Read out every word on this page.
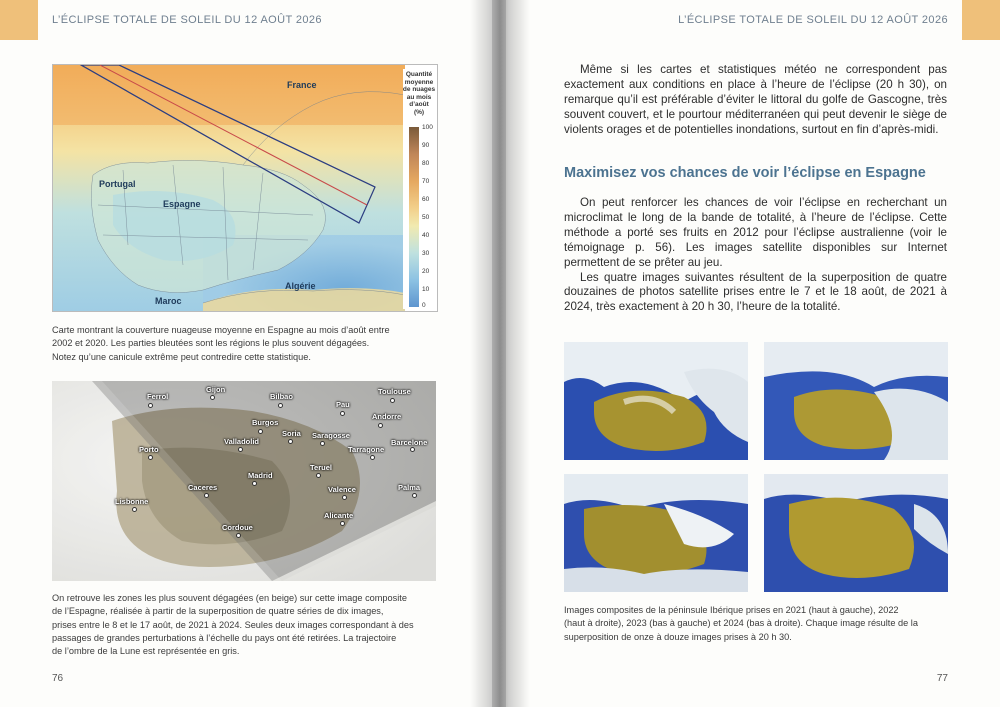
L’ÉCLIPSE TOTALE DE SOLEIL DU 12 AOÛT 2026
France
Portugal
Espagne
Algérie
Maroc
Quantité
moyenne
de nuages
au mois
d’août
(%)
100
90
80
70
60
50
40
30
20
10
0
Carte montrant la couverture nuageuse moyenne en Espagne au mois d’août entre
2002 et 2020. Les parties bleutées sont les régions le plus souvent dégagées.
Notez qu’une canicule extrême peut contredire cette statistique.
Gijon
Ferrol	Bilbao
Toulouse
Pau
Andorre
Burgos
Soria Saragosse
Valladolid	Barcelone
Tarragone
Porto
Teruel
Madrid
Caceres	Valence	Palma
Lisbonne
Alicante
Cordoue
On retrouve les zones les plus souvent dégagées (en beige) sur cette image composite
de l’Espagne, réalisée à partir de la superposition de quatre séries de dix images,
prises entre le 8 et le 17 août, de 2021 à 2024. Seules deux images correspondant à des
passages de grandes perturbations à l’échelle du pays ont été retirées. La trajectoire
de l’ombre de la Lune est représentée en gris.
76
L’ÉCLIPSE TOTALE DE SOLEIL DU 12 AOÛT 2026

Même si les cartes et statistiques météo ne correspondent pas exactement aux conditions en place à l’heure de l’éclipse (20 h 30), on remarque qu’il est préférable d’éviter le littoral du golfe de Gascogne, très souvent couvert, et le pourtour méditerranéen qui peut devenir le siège de violents orages et de potentielles inondations, surtout en fin d’après-midi.

Maximisez vos chances de voir l’éclipse en Espagne

On peut renforcer les chances de voir l’éclipse en recherchant un microclimat le long de la bande de totalité, à l’heure de l’éclipse. Cette méthode a porté ses fruits en 2012 pour l’éclipse australienne (voir le témoignage p. 56). Les images satellite disponibles sur Internet permettent de se prêter au jeu.

Les quatre images suivantes résultent de la superposition de quatre douzaines de photos satellite prises entre le 7 et le 18 août, de 2021 à 2024, très exactement à 20 h 30, l’heure de la totalité.

Images composites de la péninsule Ibérique prises en 2021 (haut à gauche), 2022
(haut à droite), 2023 (bas à gauche) et 2024 (bas à droite). Chaque image résulte de la
superposition de onze à douze images prises à 20 h 30.
77
